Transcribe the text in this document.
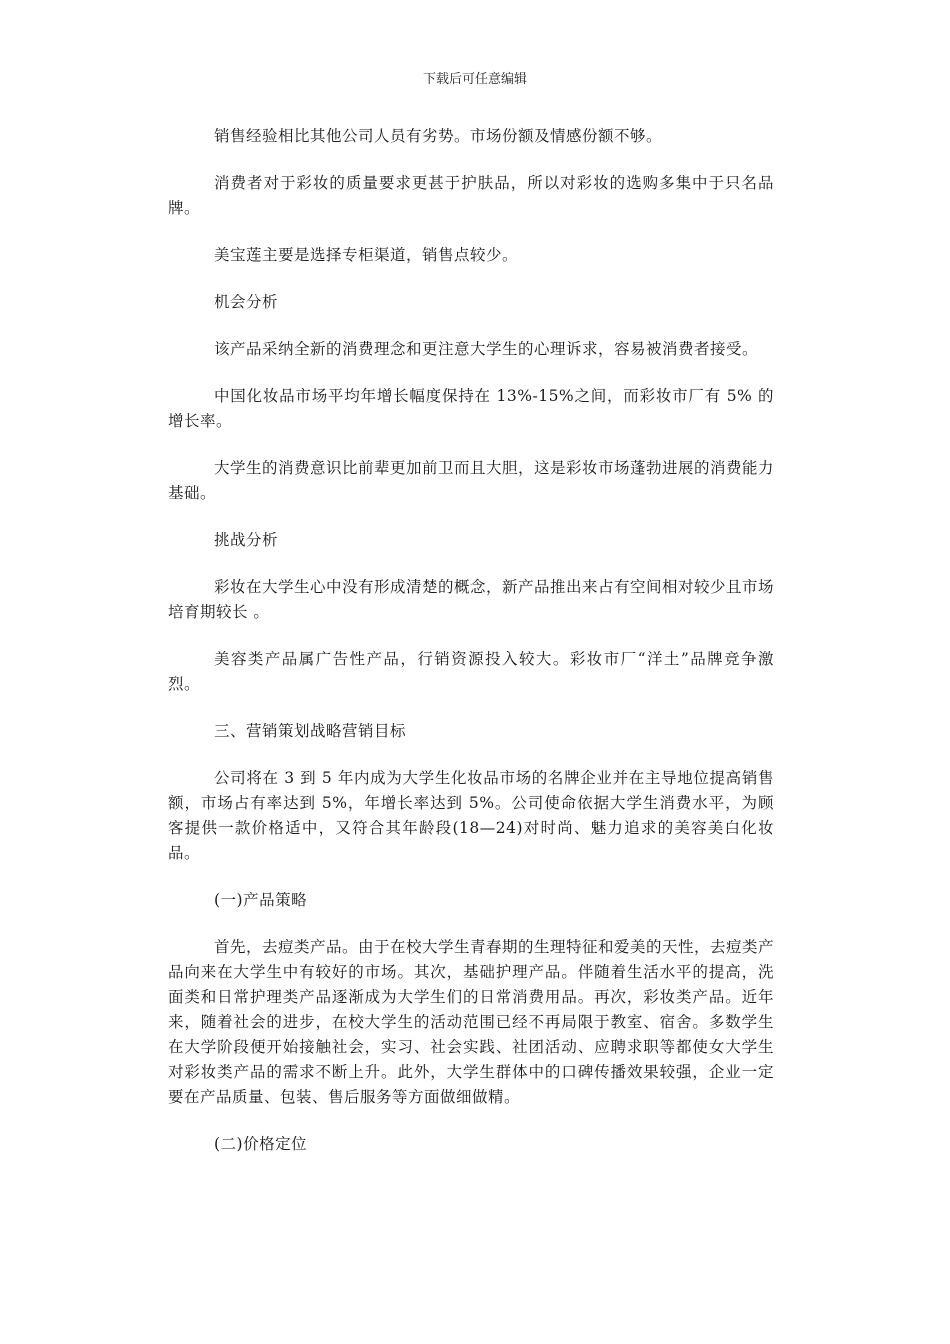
下载后可任意编辑

销售经验相比其他公司人员有劣势。市场份额及情感份额不够。

消费者对于彩妆的质量要求更甚于护肤品，所以对彩妆的选购多集中于只名品牌。

美宝莲主要是选择专柜渠道，销售点较少。

机会分析

该产品采纳全新的消费理念和更注意大学生的心理诉求，容易被消费者接受。

中国化妆品市场平均年增长幅度保持在 13%-15%之间，而彩妆市厂有 5% 的增长率。

大学生的消费意识比前辈更加前卫而且大胆，这是彩妆市场蓬勃进展的消费能力基础。

挑战分析

彩妆在大学生心中没有形成清楚的概念，新产品推出来占有空间相对较少且市场培育期较长 。

美容类产品属广告性产品，行销资源投入较大。彩妆市厂“洋土”品牌竞争激烈。

三、营销策划战略营销目标

公司将在 3 到 5 年内成为大学生化妆品市场的名牌企业并在主导地位提高销售额，市场占有率达到 5%，年增长率达到 5%。公司使命依据大学生消费水平，为顾客提供一款价格适中，又符合其年龄段(18—24)对时尚、魅力追求的美容美白化妆品。

(一)产品策略

首先，去痘类产品。由于在校大学生青春期的生理特征和爱美的天性，去痘类产品向来在大学生中有较好的市场。其次，基础护理产品。伴随着生活水平的提高，洗面类和日常护理类产品逐渐成为大学生们的日常消费用品。再次，彩妆类产品。近年来，随着社会的进步，在校大学生的活动范围已经不再局限于教室、宿舍。多数学生在大学阶段便开始接触社会，实习、社会实践、社团活动、应聘求职等都使女大学生对彩妆类产品的需求不断上升。此外，大学生群体中的口碑传播效果较强，企业一定要在产品质量、包装、售后服务等方面做细做精。

(二)价格定位
